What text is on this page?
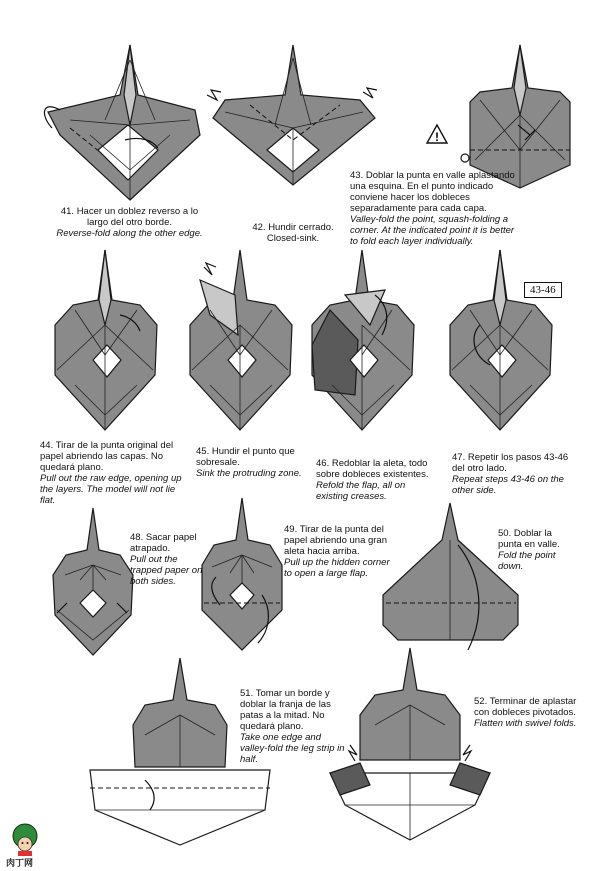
41. Hacer un doblez reverso a lo largo del otro borde.
Reverse-fold along the other edge.
42. Hundir cerrado.
Closed-sink.
!
43. Doblar la punta en valle aplastando una esquina. En el punto indicado conviene hacer los dobleces separadamente para cada capa.
Valley-fold the point, squash-folding a corner. At the indicated point it is better to fold each layer individually.
44. Tirar de la punta original del papel abriendo las capas. No quedará plano.
Pull out the raw edge, opening up the layers. The model will not lie flat.
45. Hundir el punto que sobresale.
Sink the protruding zone.
46. Redoblar la aleta, todo sobre dobleces existentes.
Refold the flap, all on existing creases.
43-46
47. Repetir los pasos 43-46 del otro lado.
Repeat steps 43-46 on the other side.
48. Sacar papel atrapado.
Pull out the trapped paper on both sides.
49. Tirar de la punta del papel abriendo una gran aleta hacia arriba.
Pull up the hidden corner to open a large flap.
50. Doblar la punta en valle.
Fold the point down.
51. Tomar un borde y doblar la franja de las patas a la mitad. No quedará plano.
Take one edge and valley-fold the leg strip in half.
52. Terminar de aplastar con dobleces pivotados.
Flatten with swivel folds.
肉丁网
